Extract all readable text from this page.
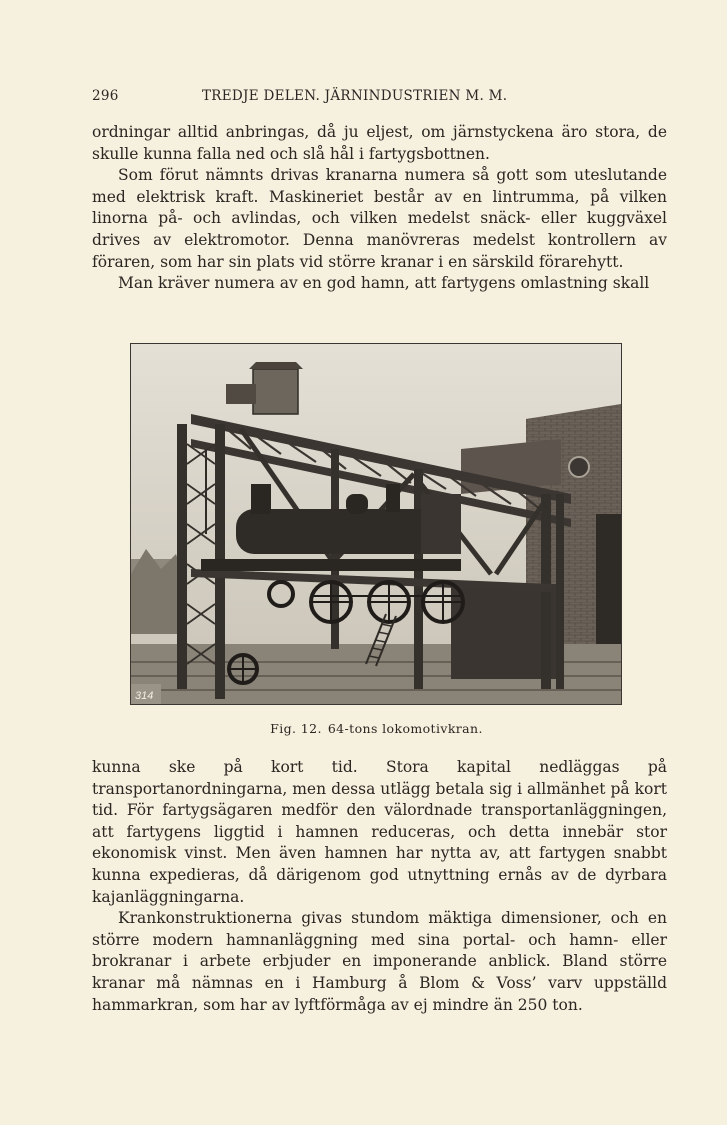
296	TREDJE DELEN. JÄRNINDUSTRIEN M. M.

ordningar alltid anbringas, då ju eljest, om järnstyckena äro stora, de skulle kunna falla ned och slå hål i fartygsbottnen.

Som förut nämnts drivas kranarna numera så gott som uteslutande med elektrisk kraft. Maskineriet består av en lintrumma, på vilken linorna på- och avlindas, och vilken medelst snäck- eller kuggväxel drives av elektromotor. Denna manövreras medelst kontrollern av föraren, som har sin plats vid större kranar i en särskild förarehytt.

Man kräver numera av en god hamn, att fartygens omlastning skall

314
Fig. 12. 64-tons lokomotivkran.

kunna ske på kort tid. Stora kapital nedläggas på transportanordningarna, men dessa utlägg betala sig i allmänhet på kort tid. För fartygsägaren medför den välordnade transportanläggningen, att fartygens liggtid i hamnen reduceras, och detta innebär stor ekonomisk vinst. Men även hamnen har nytta av, att fartygen snabbt kunna expedieras, då därigenom god utnyttning ernås av de dyrbara kajanläggningarna.

Krankonstruktionerna givas stundom mäktiga dimensioner, och en större modern hamnanläggning med sina portal- och hamn- eller brokranar i arbete erbjuder en imponerande anblick. Bland större kranar må nämnas en i Hamburg å Blom & Voss’ varv uppställd hammarkran, som har av lyftförmåga av ej mindre än 250 ton.
